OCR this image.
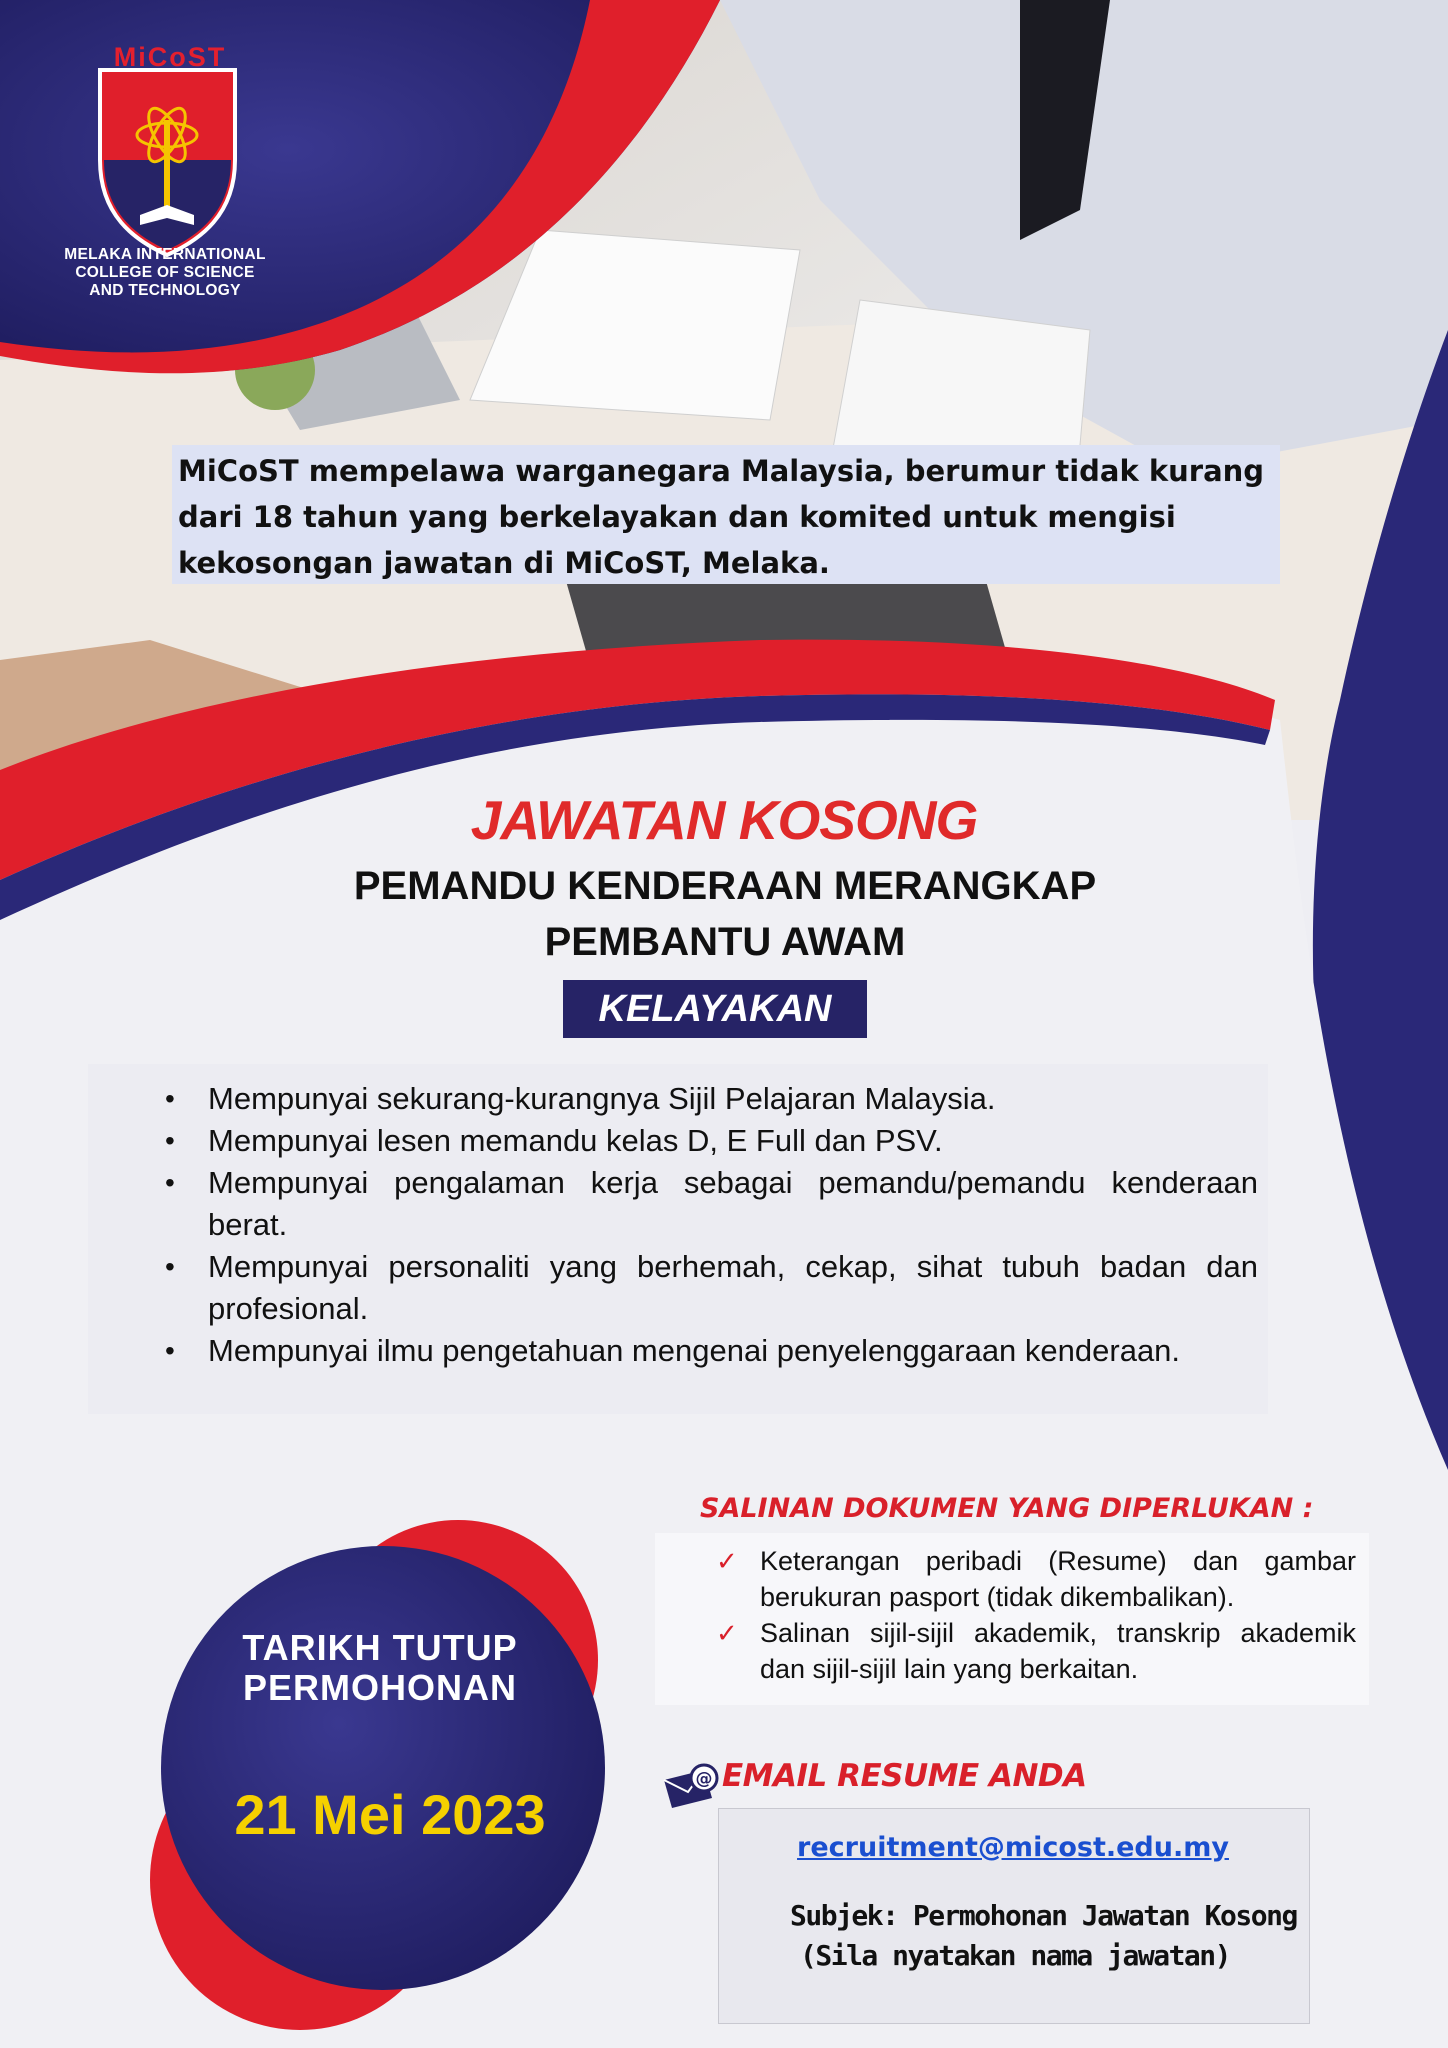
MiCoST
MELAKA INTERNATIONAL
COLLEGE OF SCIENCE
AND TECHNOLOGY
MiCoST mempelawa warganegara Malaysia, berumur tidak kurang dari 18 tahun yang berkelayakan dan komited untuk mengisi kekosongan jawatan di MiCoST, Melaka.
JAWATAN KOSONG
PEMANDU KENDERAAN MERANGKAP
PEMBANTU AWAM
KELAYAKAN
• Mempunyai sekurang-kurangnya Sijil Pelajaran Malaysia.
• Mempunyai lesen memandu kelas D, E Full dan PSV.
• Mempunyai pengalaman kerja sebagai pemandu/pemandu kenderaan berat.
• Mempunyai personaliti yang berhemah, cekap, sihat tubuh badan dan profesional.
• Mempunyai ilmu pengetahuan mengenai penyelenggaraan kenderaan.
SALINAN DOKUMEN YANG DIPERLUKAN :
✓ Keterangan peribadi (Resume) dan gambar berukuran pasport (tidak dikembalikan).
✓ Salinan sijil-sijil akademik, transkrip akademik dan sijil-sijil lain yang berkaitan.
TARIKH TUTUP
PERMOHONAN
21 Mei 2023
@ EMAIL RESUME ANDA
recruitment@micost.edu.my
Subjek: Permohonan Jawatan Kosong
(Sila nyatakan nama jawatan)
